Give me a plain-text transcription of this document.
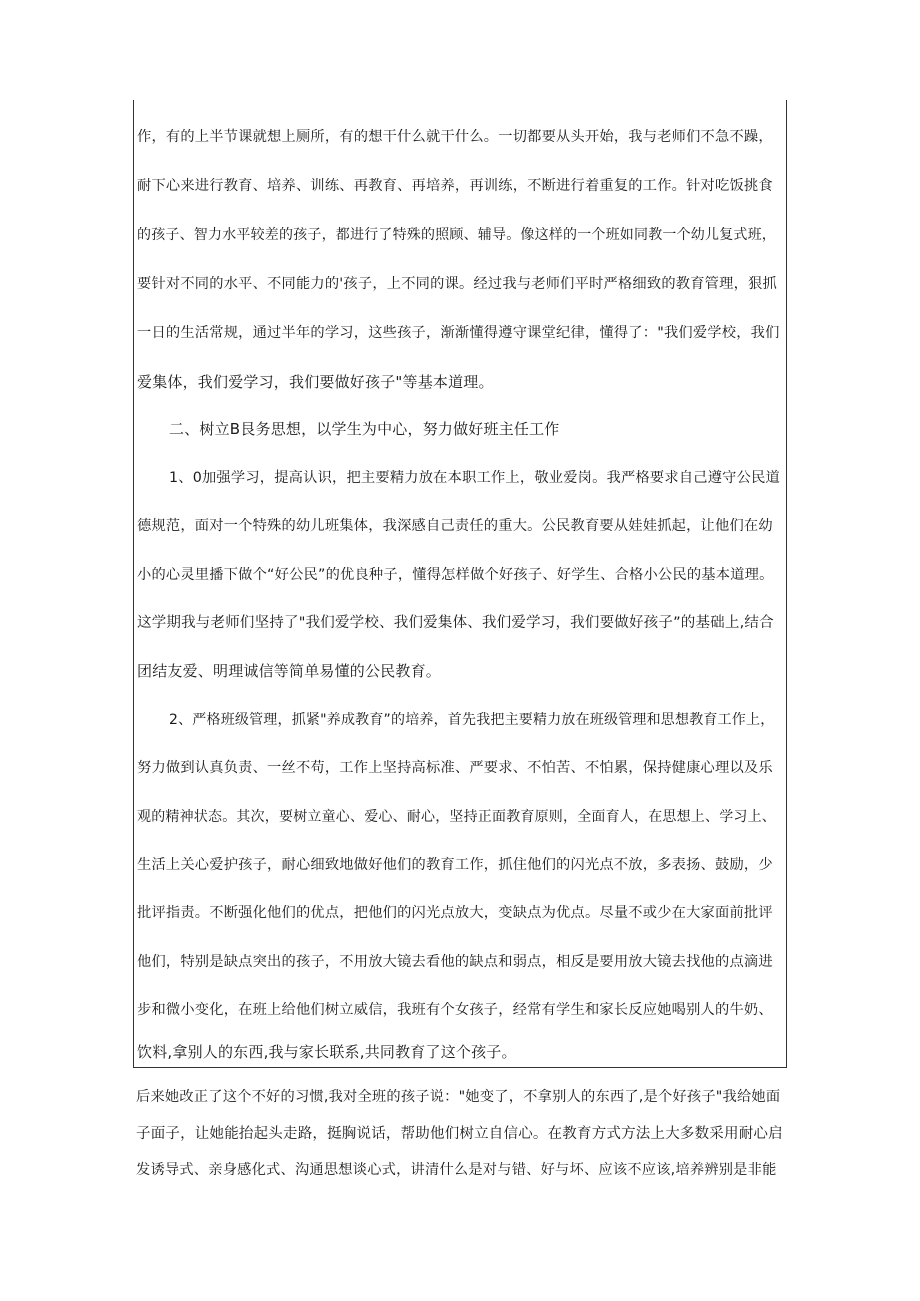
作，有的上半节课就想上厕所，有的想干什么就干什么。一切都要从头开始，我与老师们不急不躁，
耐下心来进行教育、培养、训练、再教育、再培养，再训练，不断进行着重复的工作。针对吃饭挑食
的孩子、智力水平较差的孩子，都进行了特殊的照顾、辅导。像这样的一个班如同教一个幼儿复式班，
要针对不同的水平、不同能力的'孩子，上不同的课。经过我与老师们平时严格细致的教育管理，狠抓
一日的生活常规，通过半年的学习，这些孩子，渐渐懂得遵守课堂纪律，懂得了："我们爱学校，我们
爱集体，我们爱学习，我们要做好孩子"等基本道理。
二、树立B艮务思想，以学生为中心，努力做好班主任工作
1、0加强学习，提高认识，把主要精力放在本职工作上，敬业爱岗。我严格要求自己遵守公民道
德规范，面对一个特殊的幼儿班集体，我深感自己责任的重大。公民教育要从娃娃抓起，让他们在幼
小的心灵里播下做个“好公民”的优良种子，懂得怎样做个好孩子、好学生、合格小公民的基本道理。
这学期我与老师们坚持了"我们爱学校、我们爱集体、我们爱学习，我们要做好孩子”的基础上,结合
团结友爱、明理诚信等简单易懂的公民教育。
2、严格班级管理，抓紧"养成教育”的培养，首先我把主要精力放在班级管理和思想教育工作上，
努力做到认真负责、一丝不苟，工作上坚持高标准、严要求、不怕苦、不怕累，保持健康心理以及乐
观的精神状态。其次，要树立童心、爱心、耐心，坚持正面教育原则，全面育人，在思想上、学习上、
生活上关心爱护孩子，耐心细致地做好他们的教育工作，抓住他们的闪光点不放，多表扬、鼓励，少
批评指责。不断强化他们的优点，把他们的闪光点放大，变缺点为优点。尽量不或少在大家面前批评
他们，特别是缺点突出的孩子，不用放大镜去看他的缺点和弱点，相反是要用放大镜去找他的点滴进
步和微小变化，在班上给他们树立威信，我班有个女孩子，经常有学生和家长反应她喝别人的牛奶、
饮料,拿别人的东西,我与家长联系,共同教育了这个孩子。
后来她改正了这个不好的习惯,我对全班的孩子说："她变了，不拿别人的东西了,是个好孩子"我给她面
子面子，让她能抬起头走路，挺胸说话，帮助他们树立自信心。在教育方式方法上大多数采用耐心启
发诱导式、亲身感化式、沟通思想谈心式，讲清什么是对与错、好与坏、应该不应该,培养辨别是非能
